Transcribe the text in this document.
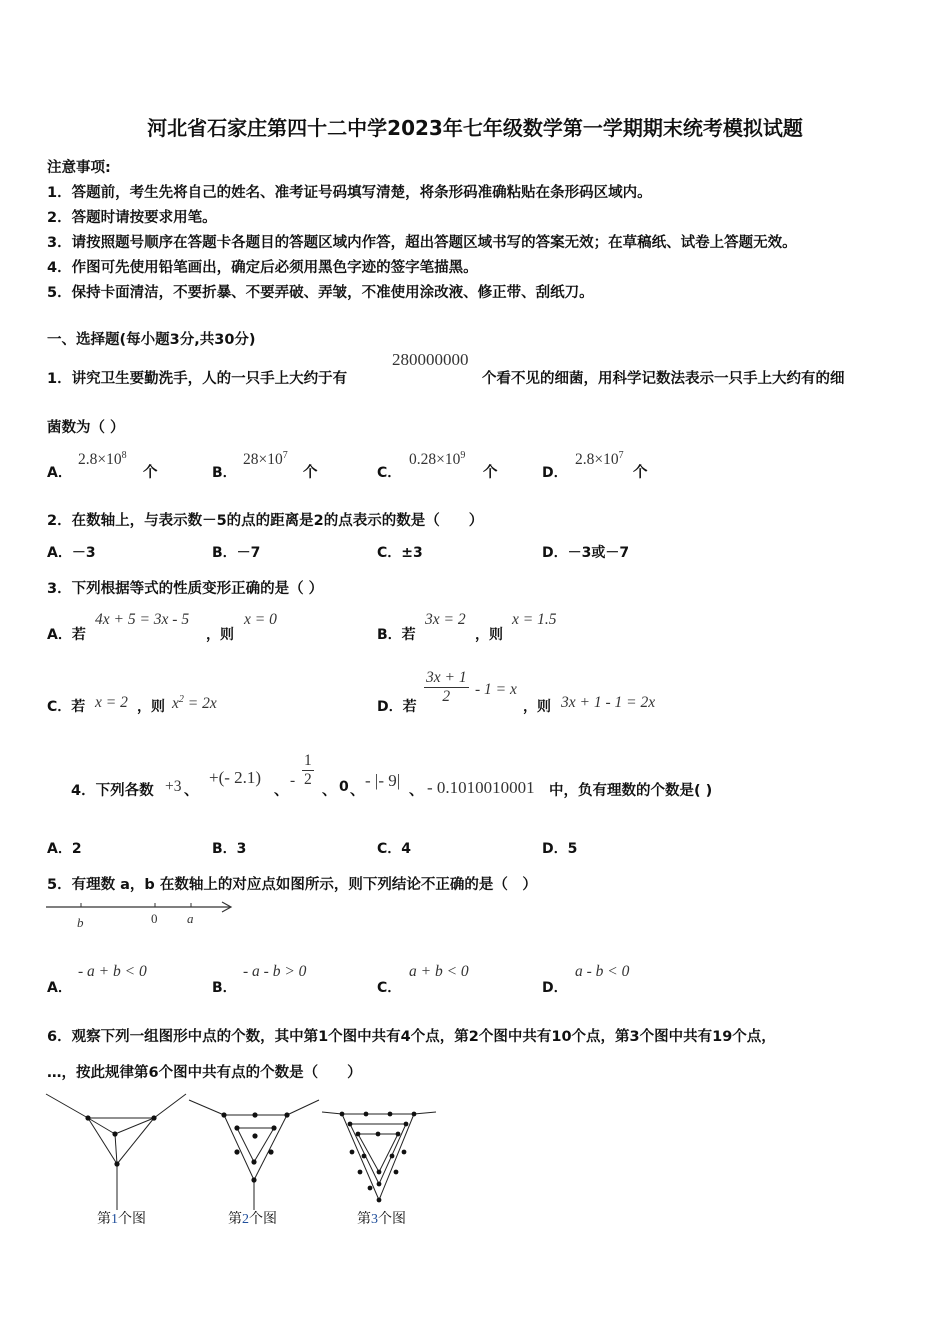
河北省石家庄第四十二中学2023年七年级数学第一学期期末统考模拟试题
注意事项:
1．答题前，考生先将自己的姓名、准考证号码填写清楚，将条形码准确粘贴在条形码区域内。
2．答题时请按要求用笔。
3．请按照题号顺序在答题卡各题目的答题区域内作答，超出答题区域书写的答案无效；在草稿纸、试卷上答题无效。
4．作图可先使用铅笔画出，确定后必须用黑色字迹的签字笔描黑。
5．保持卡面清洁，不要折暴、不要弄破、弄皱，不准使用涂改液、修正带、刮纸刀。
一、选择题(每小题3分,共30分)
1．讲究卫生要勤洗手，人的一只手上大约于有
280000000
个看不见的细菌，用科学记数法表示一只手上大约有的细
菌数为（ ）
A．
$2.8\times 10^8$
个	B．
$28\times 10^7$
个	C．
$0.28\times 10^9$
个	D．
$2.8\times 10^7$
个
2．在数轴上，与表示数－5的点的距离是2的点表示的数是（　　）
A．－3	B．－7	C．±3	D．－3或－7
3．下列根据等式的性质变形正确的是（ ）
A．若
4x + 5 = 3x - 5
，则
x = 0
B．若
3x = 2
，则
x = 1.5
C．若 x = 2 ，则 $x^2 = 2x$	D．若
$\frac{3x + 1}{2} - 1 = x$
，则 3x + 1 - 1 = 2x
4．下列各数 +3 、
+(- 2.1)
、
- $\frac{1}{2}$
、 0 、
- |- 9|
、 - 0.1010010001 中，负有理数的个数是( )
A．2	B．3	C．4	D．5
5．有理数 a，b 在数轴上的对应点如图所示，则下列结论不正确的是（　）
b	0 a
A．
- a + b < 0
B．
- a - b > 0
C．
a + b < 0
D．
a - b < 0
6．观察下列一组图形中点的个数，其中第1个图中共有4个点，第2个图中共有10个点，第3个图中共有19个点，
…，按此规律第6个图中共有点的个数是（　　）
第1个图	第2个图	第3个图
